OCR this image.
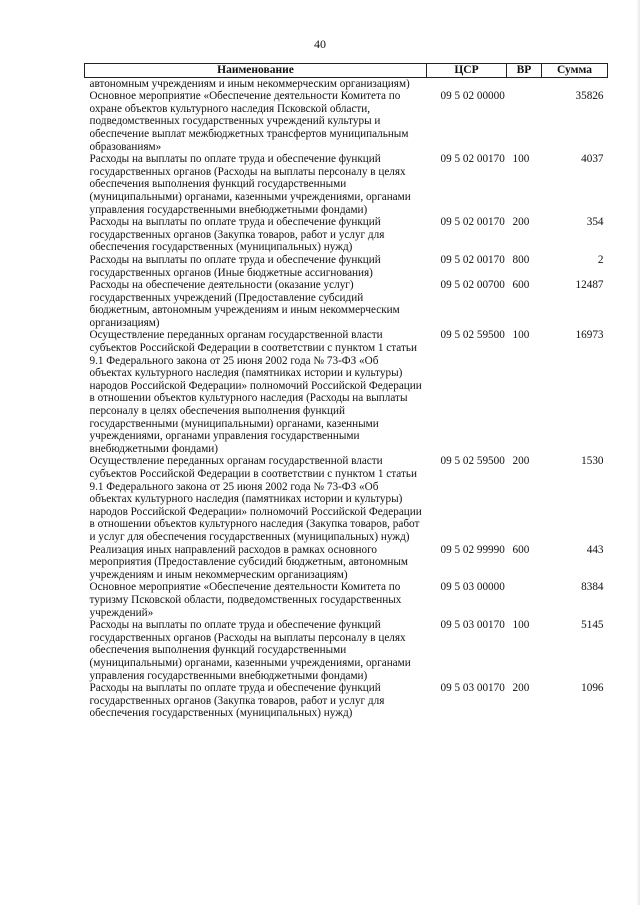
40
Наименование	ЦСР	ВР	Сумма
автономным учреждениям и иным некоммерческим организациям)			
Основное мероприятие «Обеспечение деятельности Комитета по охране объектов культурного наследия Псковской области, подведомственных государственных учреждений культуры и обеспечение выплат межбюджетных трансфертов муниципальным образованиям»	09 5 02 00000		35826
Расходы на выплаты по оплате труда и обеспечение функций государственных органов (Расходы на выплаты персоналу в целях обеспечения выполнения функций государственными (муниципальными) органами, казенными учреждениями, органами управления государственными внебюджетными фондами)	09 5 02 00170	100	4037
Расходы на выплаты по оплате труда и обеспечение функций государственных органов (Закупка товаров, работ и услуг для обеспечения государственных (муниципальных) нужд)	09 5 02 00170	200	354
Расходы на выплаты по оплате труда и обеспечение функций государственных органов (Иные бюджетные ассигнования)	09 5 02 00170	800	2
Расходы на обеспечение деятельности (оказание услуг) государственных учреждений (Предоставление субсидий бюджетным, автономным учреждениям и иным некоммерческим организациям)	09 5 02 00700	600	12487
Осуществление переданных органам государственной власти субъектов Российской Федерации в соответствии с пунктом 1 статьи 9.1 Федерального закона от 25 июня 2002 года № 73-ФЗ «Об объектах культурного наследия (памятниках истории и культуры) народов Российской Федерации» полномочий Российской Федерации в отношении объектов культурного наследия (Расходы на выплаты персоналу в целях обеспечения выполнения функций государственными (муниципальными) органами, казенными учреждениями, органами управления государственными внебюджетными фондами)	09 5 02 59500	100	16973
Осуществление переданных органам государственной власти субъектов Российской Федерации в соответствии с пунктом 1 статьи 9.1 Федерального закона от 25 июня 2002 года № 73-ФЗ «Об объектах культурного наследия (памятниках истории и культуры) народов Российской Федерации» полномочий Российской Федерации в отношении объектов культурного наследия (Закупка товаров, работ и услуг для обеспечения государственных (муниципальных) нужд)	09 5 02 59500	200	1530
Реализация иных направлений расходов в рамках основного мероприятия (Предоставление субсидий бюджетным, автономным учреждениям и иным некоммерческим организациям)	09 5 02 99990	600	443
Основное мероприятие «Обеспечение деятельности Комитета по туризму Псковской области, подведомственных государственных учреждений»	09 5 03 00000		8384
Расходы на выплаты по оплате труда и обеспечение функций государственных органов (Расходы на выплаты персоналу в целях обеспечения выполнения функций государственными (муниципальными) органами, казенными учреждениями, органами управления государственными внебюджетными фондами)	09 5 03 00170	100	5145
Расходы на выплаты по оплате труда и обеспечение функций государственных органов (Закупка товаров, работ и услуг для обеспечения государственных (муниципальных) нужд)	09 5 03 00170	200	1096
